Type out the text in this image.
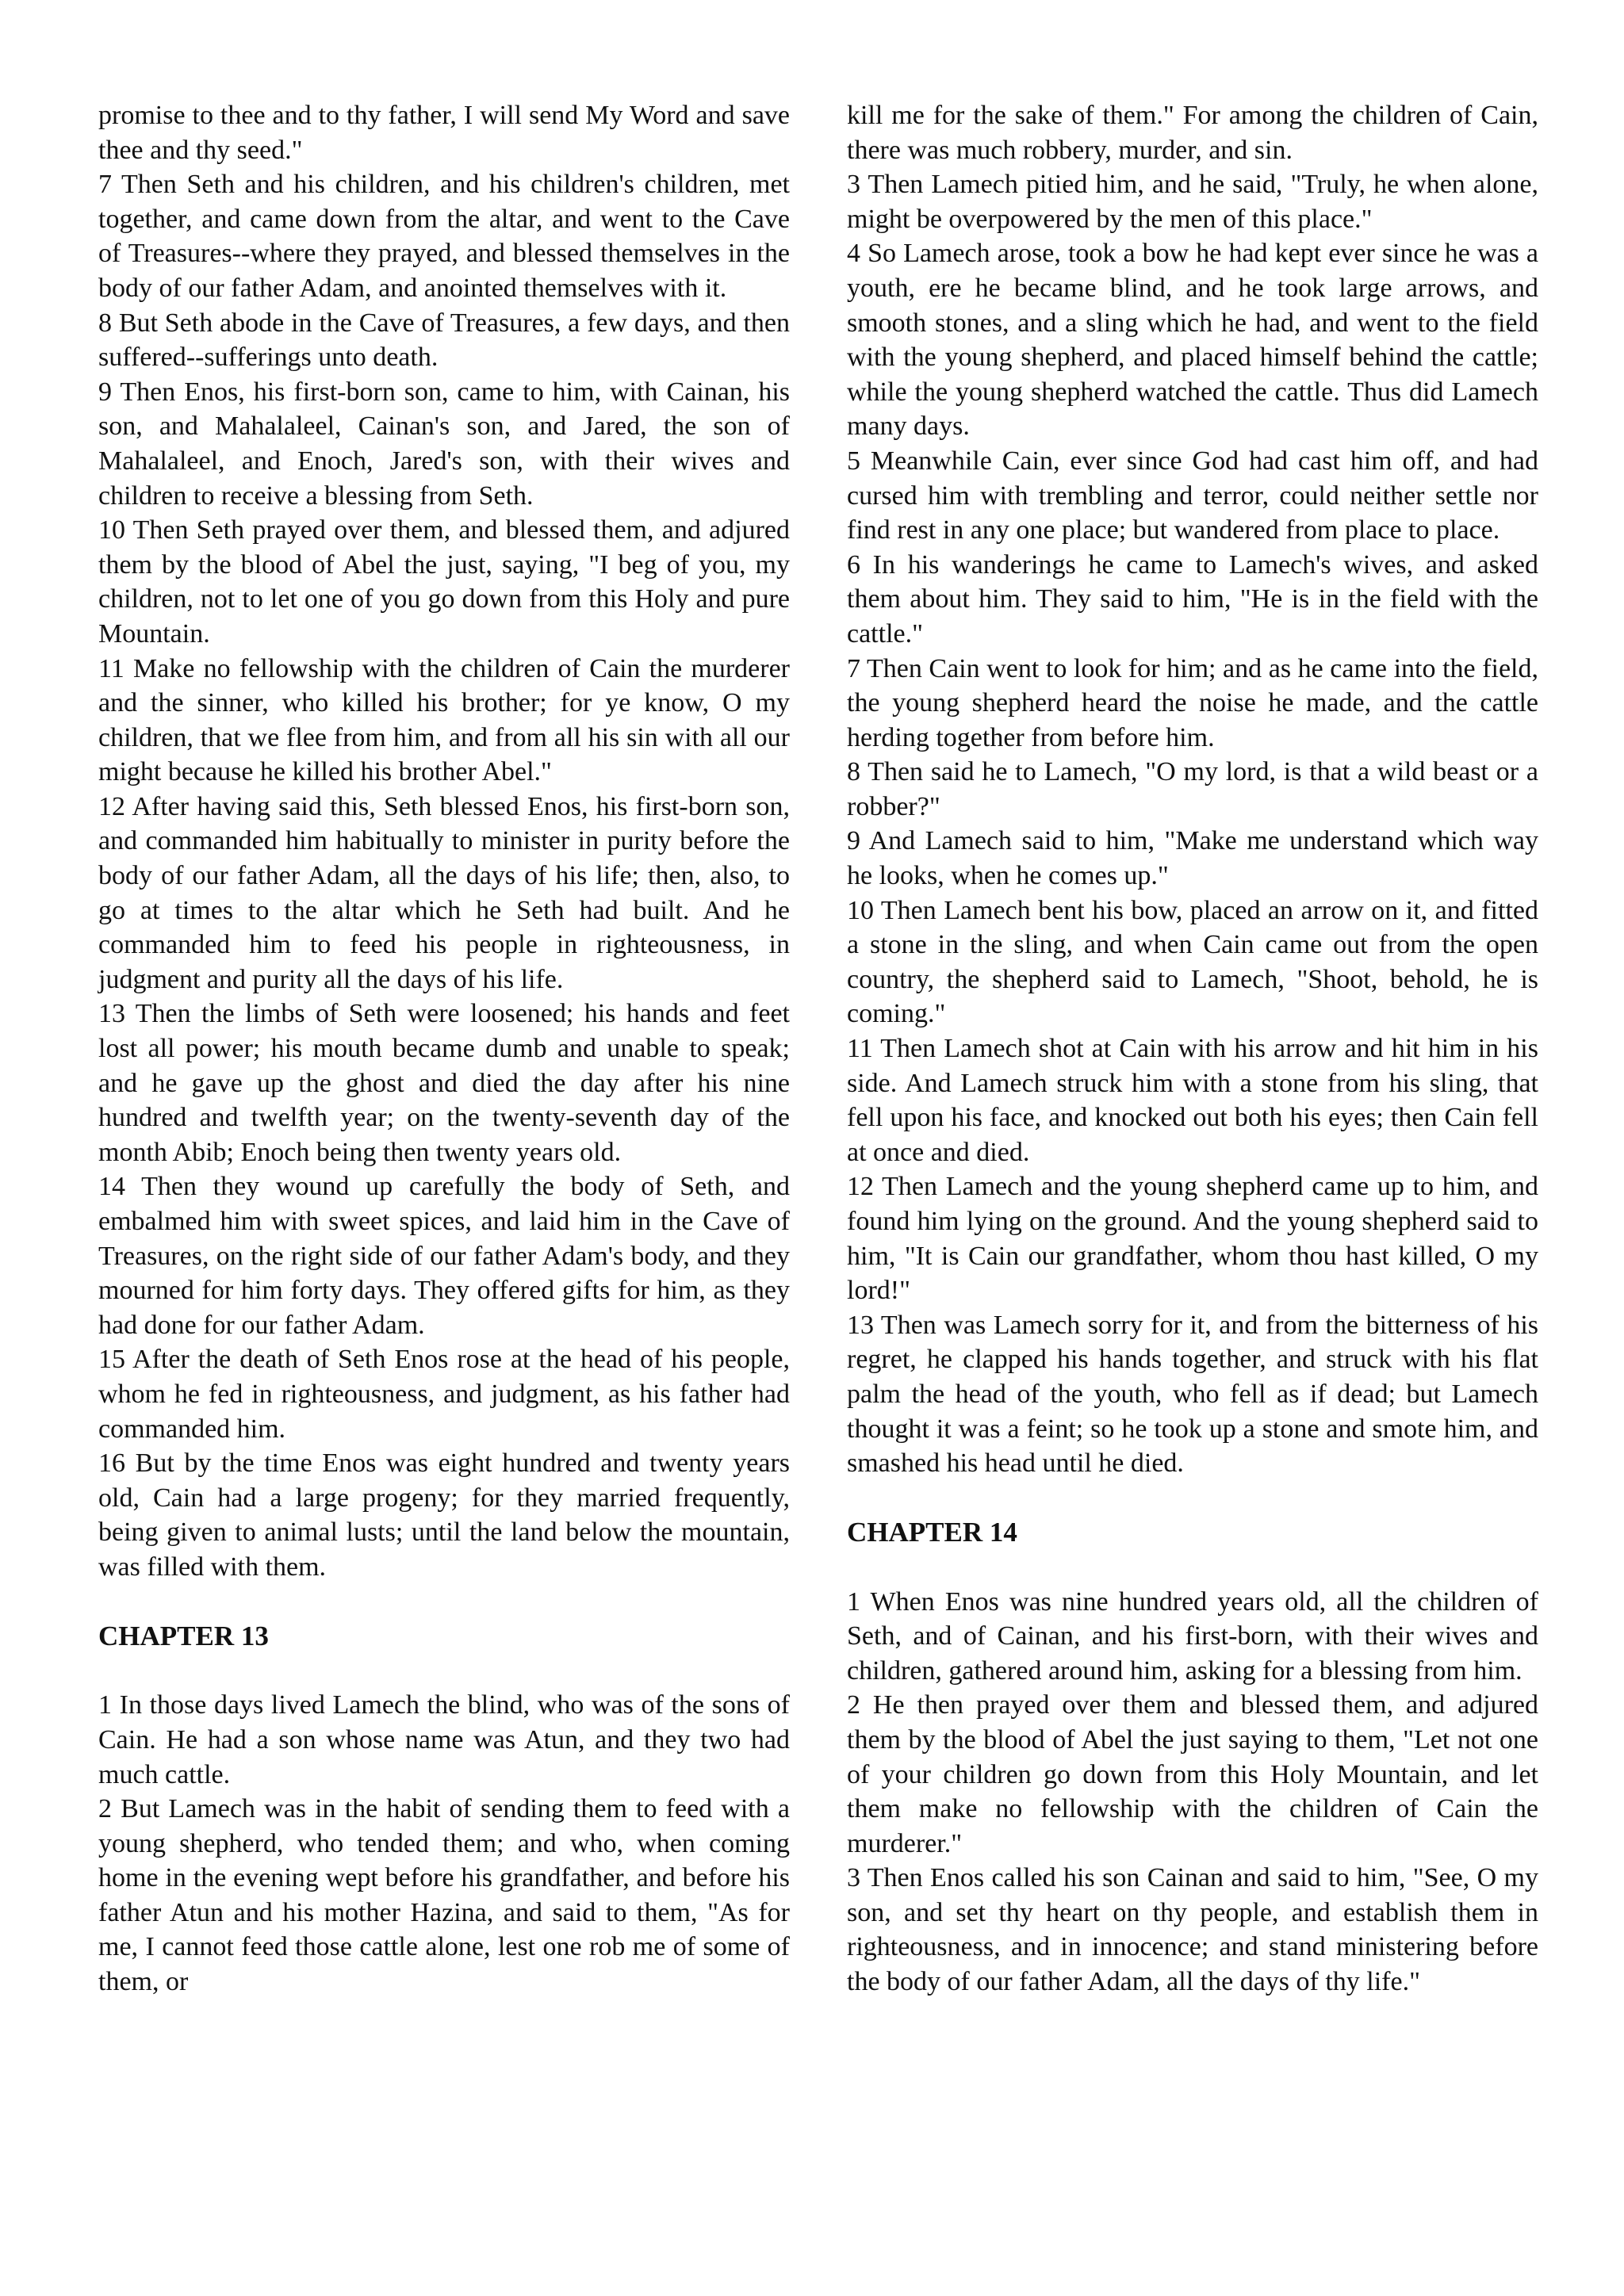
promise to thee and to thy father, I will send My Word and save thee and thy seed."

7 Then Seth and his children, and his children's children, met together, and came down from the altar, and went to the Cave of Treasures--where they prayed, and blessed themselves in the body of our father Adam, and anointed themselves with it.

8 But Seth abode in the Cave of Treasures, a few days, and then suffered--sufferings unto death.

9 Then Enos, his first-born son, came to him, with Cainan, his son, and Mahalaleel, Cainan's son, and Jared, the son of Mahalaleel, and Enoch, Jared's son, with their wives and children to receive a blessing from Seth.

10 Then Seth prayed over them, and blessed them, and adjured them by the blood of Abel the just, saying, "I beg of you, my children, not to let one of you go down from this Holy and pure Mountain.

11 Make no fellowship with the children of Cain the murderer and the sinner, who killed his brother; for ye know, O my children, that we flee from him, and from all his sin with all our might because he killed his brother Abel."

12 After having said this, Seth blessed Enos, his first-born son, and commanded him habitually to minister in purity before the body of our father Adam, all the days of his life; then, also, to go at times to the altar which he Seth had built. And he commanded him to feed his people in righteousness, in judgment and purity all the days of his life.

13 Then the limbs of Seth were loosened; his hands and feet lost all power; his mouth became dumb and unable to speak; and he gave up the ghost and died the day after his nine hundred and twelfth year; on the twenty-seventh day of the month Abib; Enoch being then twenty years old.

14 Then they wound up carefully the body of Seth, and embalmed him with sweet spices, and laid him in the Cave of Treasures, on the right side of our father Adam's body, and they mourned for him forty days. They offered gifts for him, as they had done for our father Adam.

15 After the death of Seth Enos rose at the head of his people, whom he fed in righteousness, and judgment, as his father had commanded him.

16 But by the time Enos was eight hundred and twenty years old, Cain had a large progeny; for they married frequently, being given to animal lusts; until the land below the mountain, was filled with them.

CHAPTER 13

1 In those days lived Lamech the blind, who was of the sons of Cain. He had a son whose name was Atun, and they two had much cattle.

2 But Lamech was in the habit of sending them to feed with a young shepherd, who tended them; and who, when coming home in the evening wept before his grandfather, and before his father Atun and his mother Hazina, and said to them, "As for me, I cannot feed those cattle alone, lest one rob me of some of them, or

kill me for the sake of them." For among the children of Cain, there was much robbery, murder, and sin.

3 Then Lamech pitied him, and he said, "Truly, he when alone, might be overpowered by the men of this place."

4 So Lamech arose, took a bow he had kept ever since he was a youth, ere he became blind, and he took large arrows, and smooth stones, and a sling which he had, and went to the field with the young shepherd, and placed himself behind the cattle; while the young shepherd watched the cattle. Thus did Lamech many days.

5 Meanwhile Cain, ever since God had cast him off, and had cursed him with trembling and terror, could neither settle nor find rest in any one place; but wandered from place to place.

6 In his wanderings he came to Lamech's wives, and asked them about him. They said to him, "He is in the field with the cattle."

7 Then Cain went to look for him; and as he came into the field, the young shepherd heard the noise he made, and the cattle herding together from before him.

8 Then said he to Lamech, "O my lord, is that a wild beast or a robber?"

9 And Lamech said to him, "Make me understand which way he looks, when he comes up."

10 Then Lamech bent his bow, placed an arrow on it, and fitted a stone in the sling, and when Cain came out from the open country, the shepherd said to Lamech, "Shoot, behold, he is coming."

11 Then Lamech shot at Cain with his arrow and hit him in his side. And Lamech struck him with a stone from his sling, that fell upon his face, and knocked out both his eyes; then Cain fell at once and died.

12 Then Lamech and the young shepherd came up to him, and found him lying on the ground. And the young shepherd said to him, "It is Cain our grandfather, whom thou hast killed, O my lord!"

13 Then was Lamech sorry for it, and from the bitterness of his regret, he clapped his hands together, and struck with his flat palm the head of the youth, who fell as if dead; but Lamech thought it was a feint; so he took up a stone and smote him, and smashed his head until he died.

CHAPTER 14

1 When Enos was nine hundred years old, all the children of Seth, and of Cainan, and his first-born, with their wives and children, gathered around him, asking for a blessing from him.

2 He then prayed over them and blessed them, and adjured them by the blood of Abel the just saying to them, "Let not one of your children go down from this Holy Mountain, and let them make no fellowship with the children of Cain the murderer."

3 Then Enos called his son Cainan and said to him, "See, O my son, and set thy heart on thy people, and establish them in righteousness, and in innocence; and stand ministering before the body of our father Adam, all the days of thy life."
